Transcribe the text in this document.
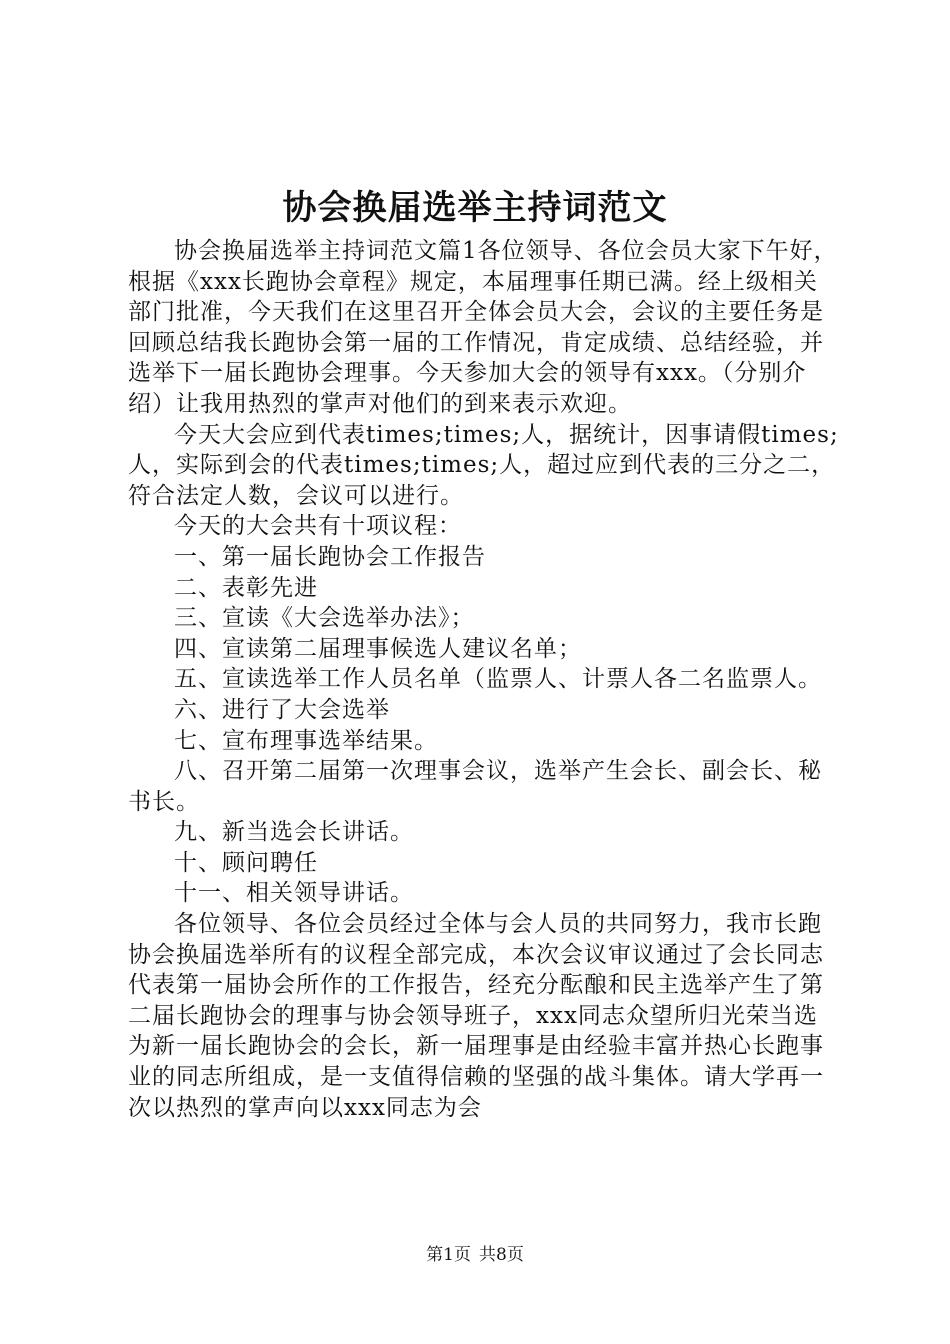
协会换届选举主持词范文

协会换届选举主持词范文篇1各位领导、各位会员大家下午好，根据《xxx长跑协会章程》规定，本届理事任期已满。经上级相关部门批准，今天我们在这里召开全体会员大会，会议的主要任务是回顾总结我长跑协会第一届的工作情况，肯定成绩、总结经验，并选举下一届长跑协会理事。今天参加大会的领导有xxx。（分别介绍）让我用热烈的掌声对他们的到来表示欢迎。

今天大会应到代表times;times;人，据统计，因事请假times;人，实际到会的代表times;times;人，超过应到代表的三分之二，符合法定人数，会议可以进行。

今天的大会共有十项议程：

一、第一届长跑协会工作报告

二、表彰先进

三、宣读《大会选举办法》；

四、宣读第二届理事候选人建议名单；

五、宣读选举工作人员名单（监票人、计票人各二名监票人。

六、进行了大会选举

七、宣布理事选举结果。

八、召开第二届第一次理事会议，选举产生会长、副会长、秘书长。

九、新当选会长讲话。

十、顾问聘任

十一、相关领导讲话。

各位领导、各位会员经过全体与会人员的共同努力，我市长跑协会换届选举所有的议程全部完成，本次会议审议通过了会长同志代表第一届协会所作的工作报告，经充分酝酿和民主选举产生了第二届长跑协会的理事与协会领导班子，xxx同志众望所归光荣当选为新一届长跑协会的会长，新一届理事是由经验丰富并热心长跑事业的同志所组成，是一支值得信赖的坚强的战斗集体。请大学再一次以热烈的掌声向以xxx同志为会

第1页 共8页
